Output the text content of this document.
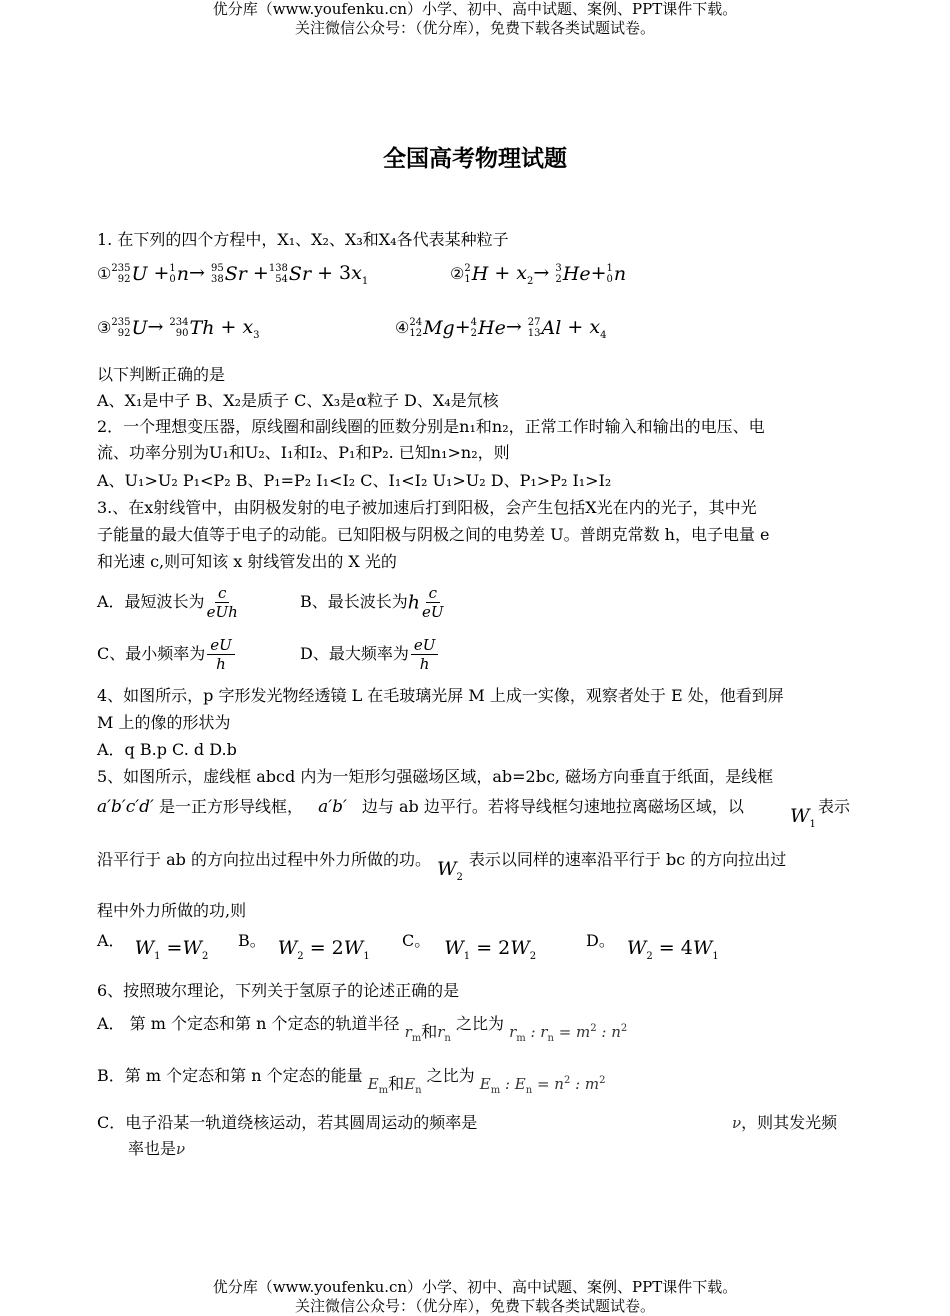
优分库（www.youfenku.cn）小学、初中、高中试题、案例、PPT课件下载。
关注微信公众号：（优分库），免费下载各类试题试卷。
全国高考物理试题
1. 在下列的四个方程中，X₁、X₂、X₃和X₄各代表某种粒子
① 235
92 U + 1
0 n→ 95
38 Sr + 138
54 $Sr + 3x_1$	② 2
1 $H + x_2\to 3$
2 He+ 1
0 n
③ 235
92 U→ 234
90 $Th + x_3$	④ 24
12 Mg+ 4
2 He→ 27
13 $Al + x_4$
以下判断正确的是
A、X₁是中子 B、X₂是质子 C、X₃是α粒子 D、X₄是氘核
2．一个理想变压器，原线圈和副线圈的匝数分别是n₁和n₂，正常工作时输入和输出的电压、电
流、功率分别为U₁和U₂、I₁和I₂、P₁和P₂. 已知n₁>n₂，则
A、U₁>U₂ P₁<P₂ B、P₁=P₂ I₁<I₂ C、I₁<I₂ U₁>U₂ D、P₁>P₂ I₁>I₂
3.、在x射线管中，由阴极发射的电子被加速后打到阳极，会产生包括X光在内的光子，其中光
子能量的最大值等于电子的动能。已知阳极与阴极之间的电势差 U。普朗克常数 h，电子电量 e
和光速 c,则可知该 x 射线管发出的 X 光的
A．最短波长为 $\frac{c}{\text{eUh}}$	B、最长波长为h $\frac{c}{eU}$
C、最小频率为 $\frac{eU}{h}$	D、最大频率为 $\frac{eU}{h}$
4、如图所示，p 字形发光物经透镜 L 在毛玻璃光屏 M 上成一实像，观察者处于 E 处，他看到屏
M 上的像的形状为
A．q B.p C. d D.b
5、如图所示，虚线框 abcd 内为一矩形匀强磁场区域，ab=2bc, 磁场方向垂直于纸面，是线框
a′b′c′d′ 是一正方形导线框， a′b′ 边与 ab 边平行。若将导线框匀速地拉离磁场区域，以 $W_1$
表示
沿平行于 ab 的方向拉出过程中外力所做的功。 $W_2$表示以同样的速率沿平行于 bc 的方向拉出过
程中外力所做的功,则
A． $W_1 =W_2$
B。 $W_2 = 2W_1$
C。 $W_1 = 2W_2$
D。 $W_2 = 4W_1$
6、按照玻尔理论，下列关于氢原子的论述正确的是
A． 第 m 个定态和第 n 个定态的轨道半径 $r_m$和$r_n$ 之比为 $r_m$ : $r_n = m^2$ : $n^2$
B．第 m 个定态和第 n 个定态的能量 $E_m$和$E_n$ 之比为 $E_m$ : $E_n = n^2$ : $m^2$
C．电子沿某一轨道绕核运动，若其圆周运动的频率是	ν，则其发光频
率也是ν
优分库（www.youfenku.cn）小学、初中、高中试题、案例、PPT课件下载。
关注微信公众号：（优分库），免费下载各类试题试卷。
